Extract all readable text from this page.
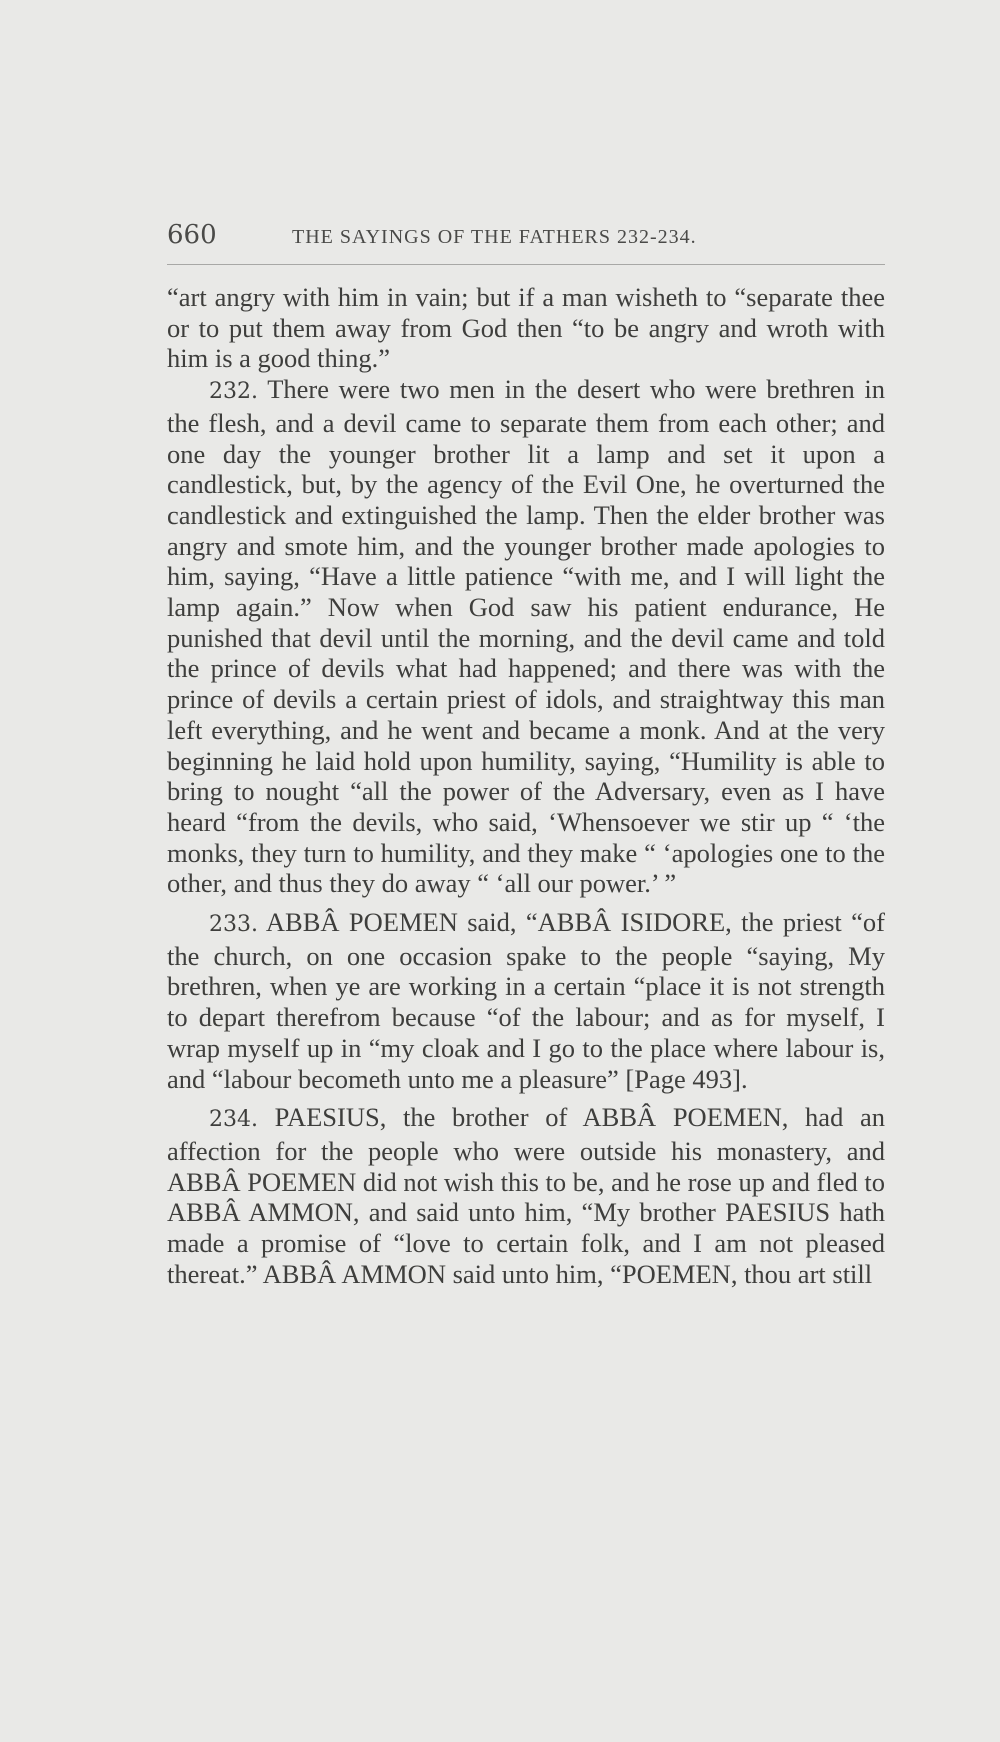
660	THE SAYINGS OF THE FATHERS 232-234.

“art angry with him in vain; but if a man wisheth to “separate thee or to put them away from God then “to be angry and wroth with him is a good thing.”

232. There were two men in the desert who were brethren in the flesh, and a devil came to separate them from each other; and one day the younger brother lit a lamp and set it upon a candlestick, but, by the agency of the Evil One, he overturned the candlestick and extinguished the lamp. Then the elder brother was angry and smote him, and the younger brother made apologies to him, saying, “Have a little patience “with me, and I will light the lamp again.” Now when God saw his patient endurance, He punished that devil until the morning, and the devil came and told the prince of devils what had happened; and there was with the prince of devils a certain priest of idols, and straightway this man left everything, and he went and became a monk. And at the very beginning he laid hold upon humility, saying, “Humility is able to bring to nought “all the power of the Adversary, even as I have heard “from the devils, who said, ‘Whensoever we stir up “ ‘the monks, they turn to humility, and they make “ ‘apologies one to the other, and thus they do away “ ‘all our power.’ ”

233. ABBÂ POEMEN said, “ABBÂ ISIDORE, the priest “of the church, on one occasion spake to the people “saying, My brethren, when ye are working in a certain “place it is not strength to depart therefrom because “of the labour; and as for myself, I wrap myself up in “my cloak and I go to the place where labour is, and “labour becometh unto me a pleasure” [Page 493].

234. PAESIUS, the brother of ABBÂ POEMEN, had an affection for the people who were outside his monastery, and ABBÂ POEMEN did not wish this to be, and he rose up and fled to ABBÂ AMMON, and said unto him, “My brother PAESIUS hath made a promise of “love to certain folk, and I am not pleased thereat.” ABBÂ AMMON said unto him, “POEMEN, thou art still
